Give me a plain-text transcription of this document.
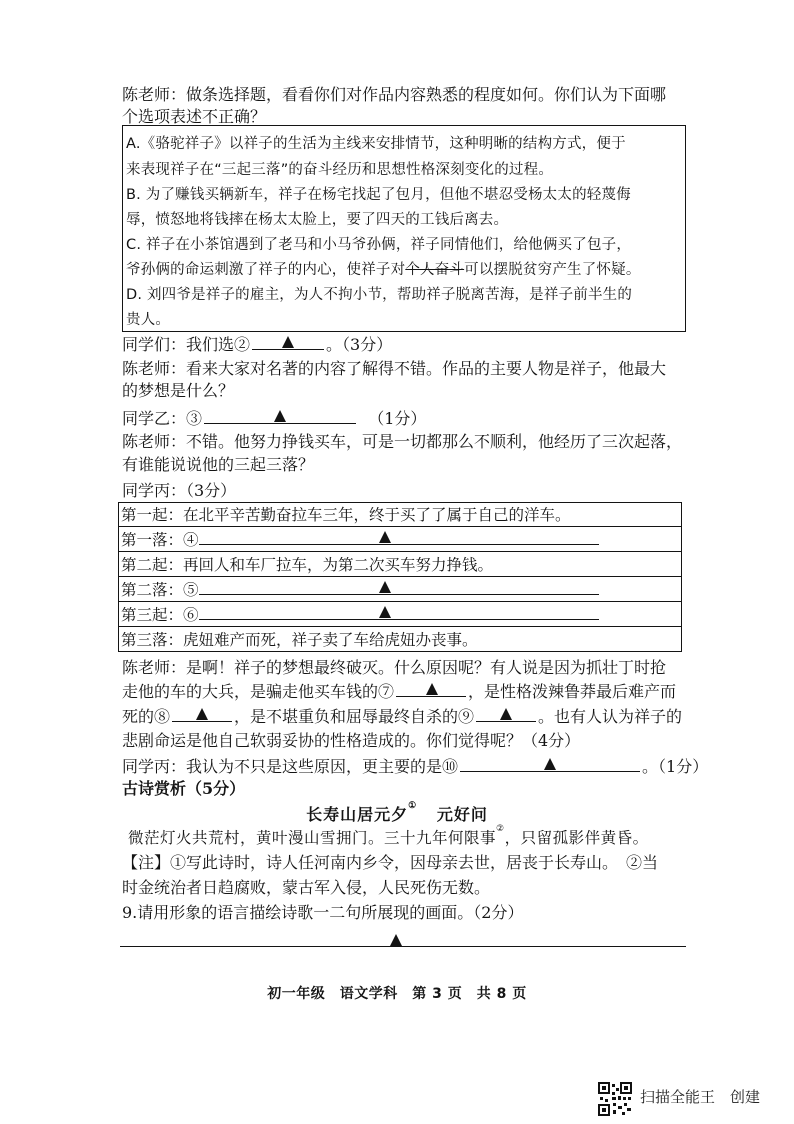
陈老师：做条选择题，看看你们对作品内容熟悉的程度如何。你们认为下面哪
个选项表述不正确？
A.《骆驼祥子》以祥子的生活为主线来安排情节，这种明晰的结构方式，便于
来表现祥子在“三起三落”的奋斗经历和思想性格深刻变化的过程。
B. 为了赚钱买辆新车，祥子在杨宅找起了包月，但他不堪忍受杨太太的轻蔑侮
辱，愤怒地将钱摔在杨太太脸上，要了四天的工钱后离去。
C. 祥子在小茶馆遇到了老马和小马爷孙俩，祥子同情他们，给他俩买了包子，
爷孙俩的命运刺激了祥子的内心，使祥子对个人奋斗可以摆脱贫穷产生了怀疑。
D. 刘四爷是祥子的雇主，为人不拘小节，帮助祥子脱离苦海，是祥子前半生的
贵人。
同学们：我们选②	。（3分）
陈老师：看来大家对名著的内容了解得不错。作品的主要人物是祥子，他最大
的梦想是什么？
同学乙：③	（1分）
陈老师：不错。他努力挣钱买车，可是一切都那么不顺利，他经历了三次起落，
有谁能说说他的三起三落？
同学丙：（3分）
第一起：在北平辛苦勤奋拉车三年，终于买了了属于自己的洋车。
第一落：④
第二起：再回人和车厂拉车，为第二次买车努力挣钱。
第二落：⑤
第三起：⑥
第三落：虎妞难产而死，祥子卖了车给虎妞办丧事。
陈老师：是啊！祥子的梦想最终破灭。什么原因呢？有人说是因为抓壮丁时抢
走他的车的大兵，是骗走他买车钱的⑦	，是性格泼辣鲁莽最后难产而
死的⑧	，是不堪重负和屈辱最终自杀的⑨	。也有人认为祥子的
悲剧命运是他自己软弱妥协的性格造成的。你们觉得呢？（4分）
同学丙：我认为不只是这些原因，更主要的是⑩	。（1分）
古诗赏析（5分）
长寿山居元夕① 元好问
微茫灯火共荒村，黄叶漫山雪拥门。三十九年何限事②，只留孤影伴黄昏。
【注】①写此诗时，诗人任河南内乡令，因母亲去世，居丧于长寿山。　②当
时金统治者日趋腐败，蒙古军入侵，人民死伤无数。
9.请用形象的语言描绘诗歌一二句所展现的画面。（2分）
初一年级　语文学科　第 3 页　共 8 页
扫描全能王　创建
